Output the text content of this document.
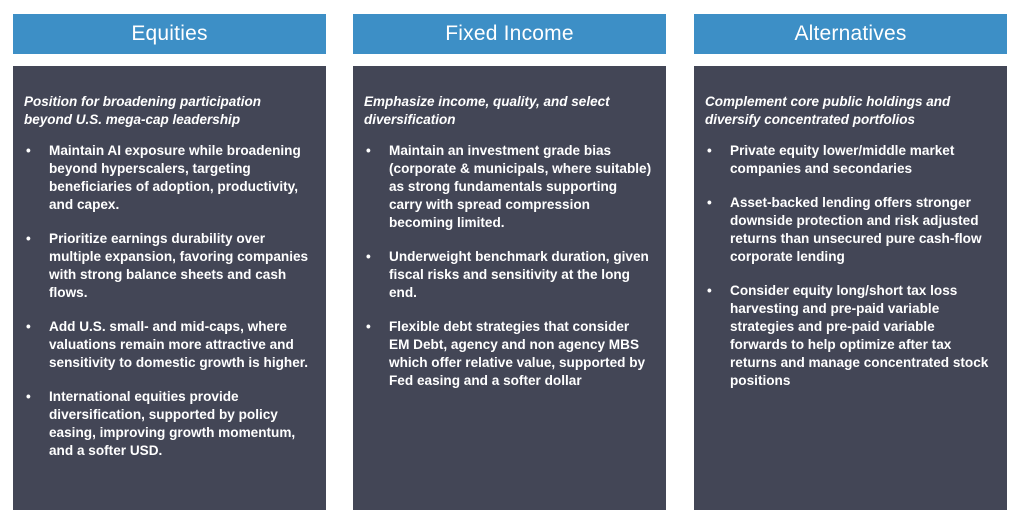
Equities

Position for broadening participation beyond U.S. mega-cap leadership

• Maintain AI exposure while broadening beyond hyperscalers, targeting beneficiaries of adoption, productivity, and capex.
• Prioritize earnings durability over multiple expansion, favoring companies with strong balance sheets and cash flows.
• Add U.S. small- and mid-caps, where valuations remain more attractive and sensitivity to domestic growth is higher.
• International equities provide diversification, supported by policy easing, improving growth momentum, and a softer USD.
Fixed Income

Emphasize income, quality, and select diversification

• Maintain an investment grade bias (corporate & municipals, where suitable) as strong fundamentals supporting carry with spread compression becoming limited.
• Underweight benchmark duration, given fiscal risks and sensitivity at the long end.
• Flexible debt strategies that consider EM Debt, agency and non agency MBS which offer relative value, supported by Fed easing and a softer dollar
Alternatives

Complement core public holdings and diversify concentrated portfolios

• Private equity lower/middle market companies and secondaries
• Asset-backed lending offers stronger downside protection and risk adjusted returns than unsecured pure cash-flow corporate lending
• Consider equity long/short tax loss harvesting and pre-paid variable strategies and pre-paid variable forwards to help optimize after tax returns and manage concentrated stock positions
